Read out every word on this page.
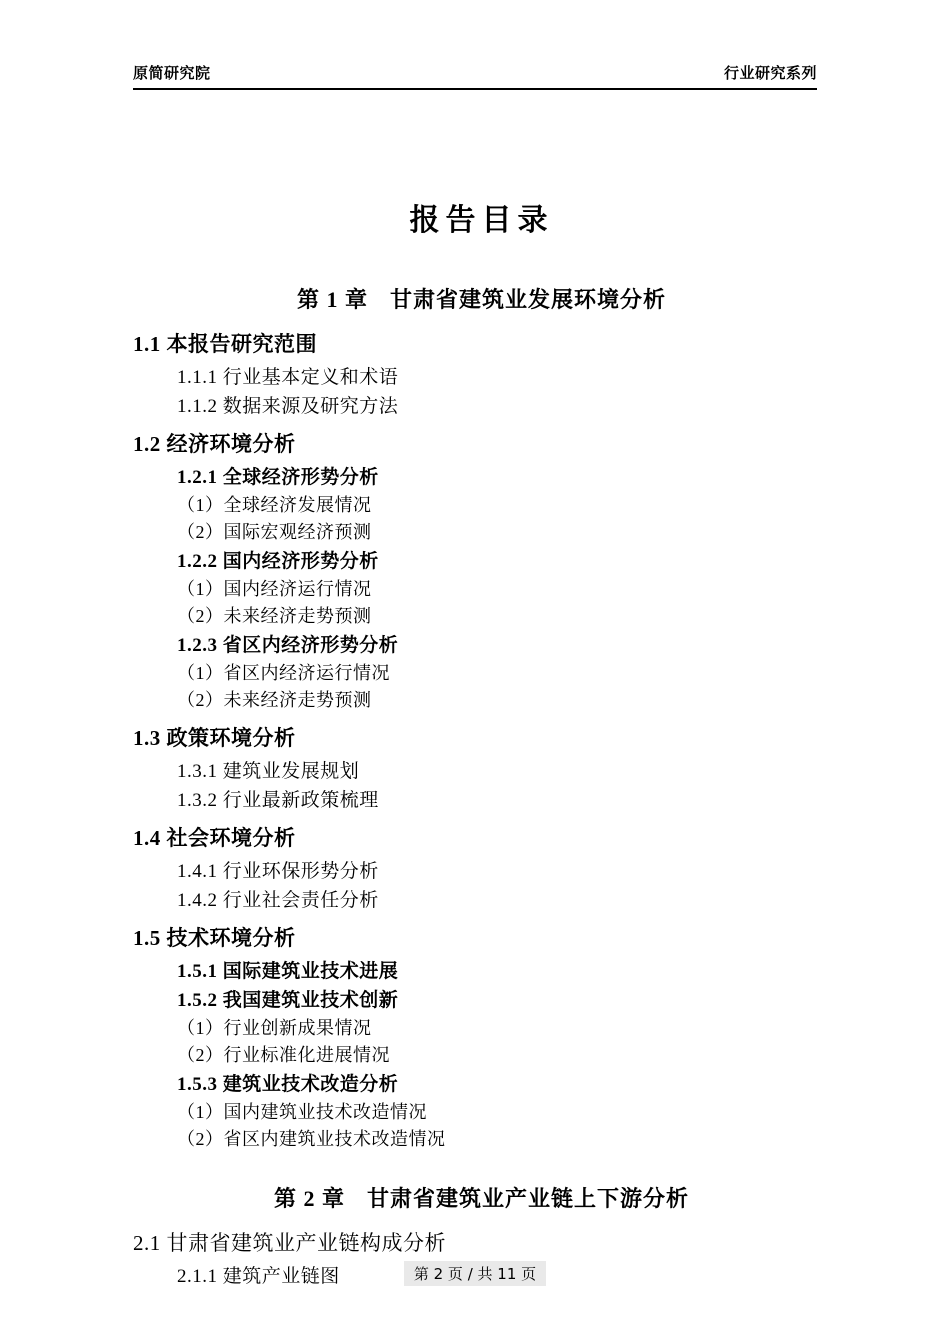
原简研究院	行业研究系列
报告目录
第 1 章 甘肃省建筑业发展环境分析
1.1 本报告研究范围
1.1.1 行业基本定义和术语
1.1.2 数据来源及研究方法
1.2 经济环境分析
1.2.1 全球经济形势分析
（1）全球经济发展情况
（2）国际宏观经济预测
1.2.2 国内经济形势分析
（1）国内经济运行情况
（2）未来经济走势预测
1.2.3 省区内经济形势分析
（1）省区内经济运行情况
（2）未来经济走势预测
1.3 政策环境分析
1.3.1 建筑业发展规划
1.3.2 行业最新政策梳理
1.4 社会环境分析
1.4.1 行业环保形势分析
1.4.2 行业社会责任分析
1.5 技术环境分析
1.5.1 国际建筑业技术进展
1.5.2 我国建筑业技术创新
（1）行业创新成果情况
（2）行业标准化进展情况
1.5.3 建筑业技术改造分析
（1）国内建筑业技术改造情况
（2）省区内建筑业技术改造情况
第 2 章 甘肃省建筑业产业链上下游分析
2.1 甘肃省建筑业产业链构成分析
2.1.1 建筑产业链图	第 2 页 / 共 11 页
